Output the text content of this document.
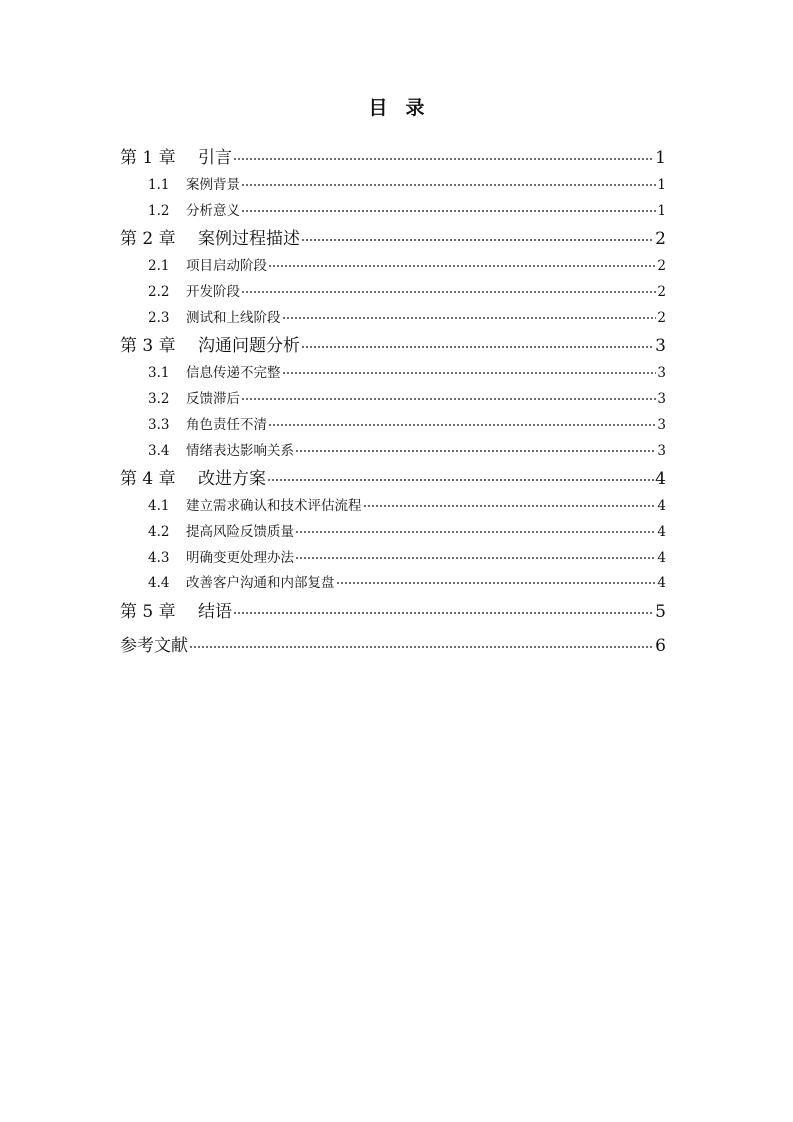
目 录
第 1 章 引言	1
1.1 案例背景	1
1.2 分析意义	1
第 2 章 案例过程描述	2
2.1 项目启动阶段	2
2.2 开发阶段	2
2.3 测试和上线阶段	2
第 3 章 沟通问题分析	3
3.1 信息传递不完整	3
3.2 反馈滞后	3
3.3 角色责任不清	3
3.4 情绪表达影响关系	3
第 4 章 改进方案	4
4.1 建立需求确认和技术评估流程	4
4.2 提高风险反馈质量	4
4.3 明确变更处理办法	4
4.4 改善客户沟通和内部复盘	4
第 5 章 结语	5
参考文献	6
